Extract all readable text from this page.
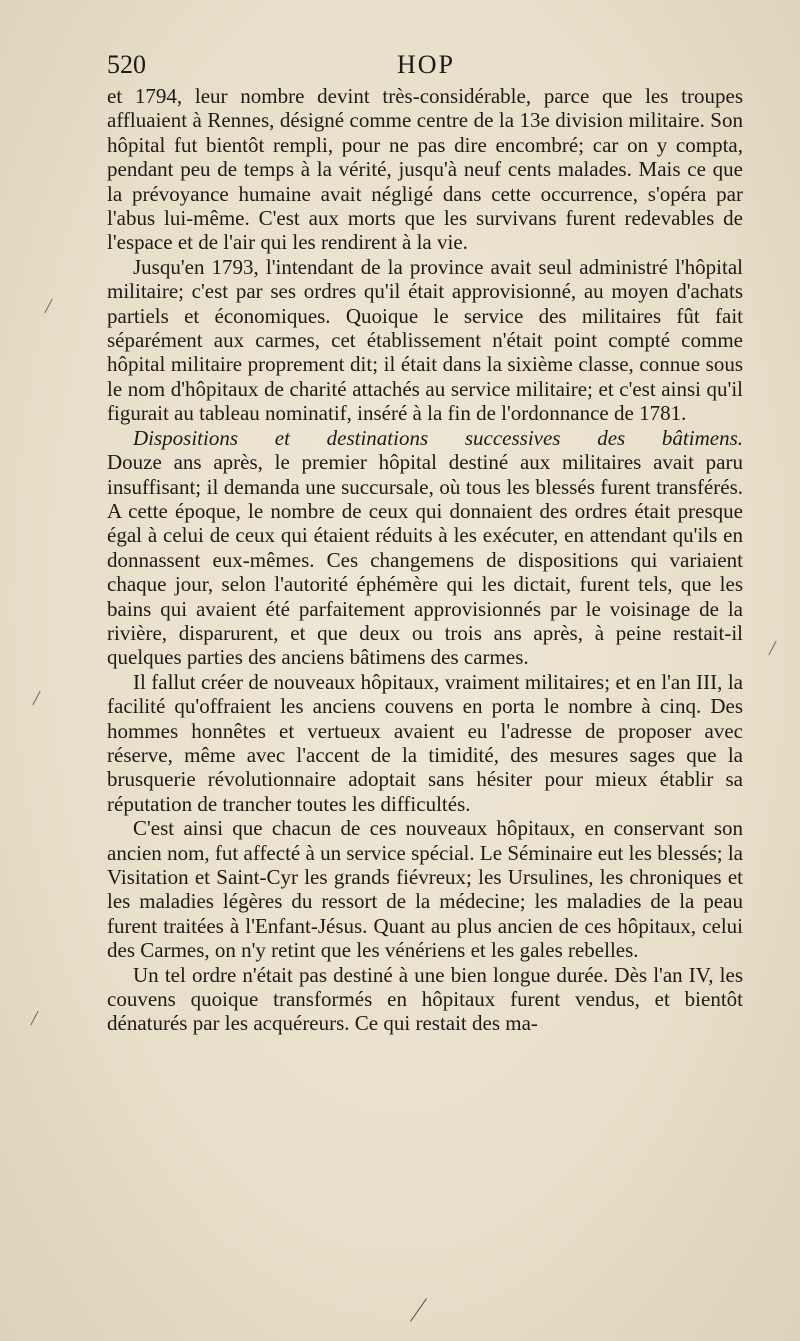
520	HOP

et 1794, leur nombre devint très-considérable, parce que les troupes affluaient à Rennes, désigné comme centre de la 13e division militaire. Son hôpital fut bientôt rempli, pour ne pas dire encombré; car on y compta, pendant peu de temps à la vérité, jusqu'à neuf cents malades. Mais ce que la prévoyance humaine avait négligé dans cette occurrence, s'opéra par l'abus lui-même. C'est aux morts que les survivans furent redevables de l'espace et de l'air qui les rendirent à la vie.

Jusqu'en 1793, l'intendant de la province avait seul administré l'hôpital militaire; c'est par ses ordres qu'il était approvisionné, au moyen d'achats partiels et économiques. Quoique le service des militaires fût fait séparément aux carmes, cet établissement n'était point compté comme hôpital militaire proprement dit; il était dans la sixième classe, connue sous le nom d'hôpitaux de charité attachés au service militaire; et c'est ainsi qu'il figurait au tableau nominatif, inséré à la fin de l'ordonnance de 1781.

Dispositions et destinations successives des bâtimens.

Douze ans après, le premier hôpital destiné aux militaires avait paru insuffisant; il demanda une succursale, où tous les blessés furent transférés. A cette époque, le nombre de ceux qui donnaient des ordres était presque égal à celui de ceux qui étaient réduits à les exécuter, en attendant qu'ils en donnassent eux-mêmes. Ces changemens de dispositions qui variaient chaque jour, selon l'autorité éphémère qui les dictait, furent tels, que les bains qui avaient été parfaitement approvisionnés par le voisinage de la rivière, disparurent, et que deux ou trois ans après, à peine restait-il quelques parties des anciens bâtimens des carmes.

Il fallut créer de nouveaux hôpitaux, vraiment militaires; et en l'an III, la facilité qu'offraient les anciens couvens en porta le nombre à cinq. Des hommes honnêtes et vertueux avaient eu l'adresse de proposer avec réserve, même avec l'accent de la timidité, des mesures sages que la brusquerie révolutionnaire adoptait sans hésiter pour mieux établir sa réputation de trancher toutes les difficultés.

C'est ainsi que chacun de ces nouveaux hôpitaux, en conservant son ancien nom, fut affecté à un service spécial. Le Séminaire eut les blessés; la Visitation et Saint-Cyr les grands fiévreux; les Ursulines, les chroniques et les maladies légères du ressort de la médecine; les maladies de la peau furent traitées à l'Enfant-Jésus. Quant au plus ancien de ces hôpitaux, celui des Carmes, on n'y retint que les vénériens et les gales rebelles.

Un tel ordre n'était pas destiné à une bien longue durée. Dès l'an IV, les couvens quoique transformés en hôpitaux furent vendus, et bientôt dénaturés par les acquéreurs. Ce qui restait des ma-
